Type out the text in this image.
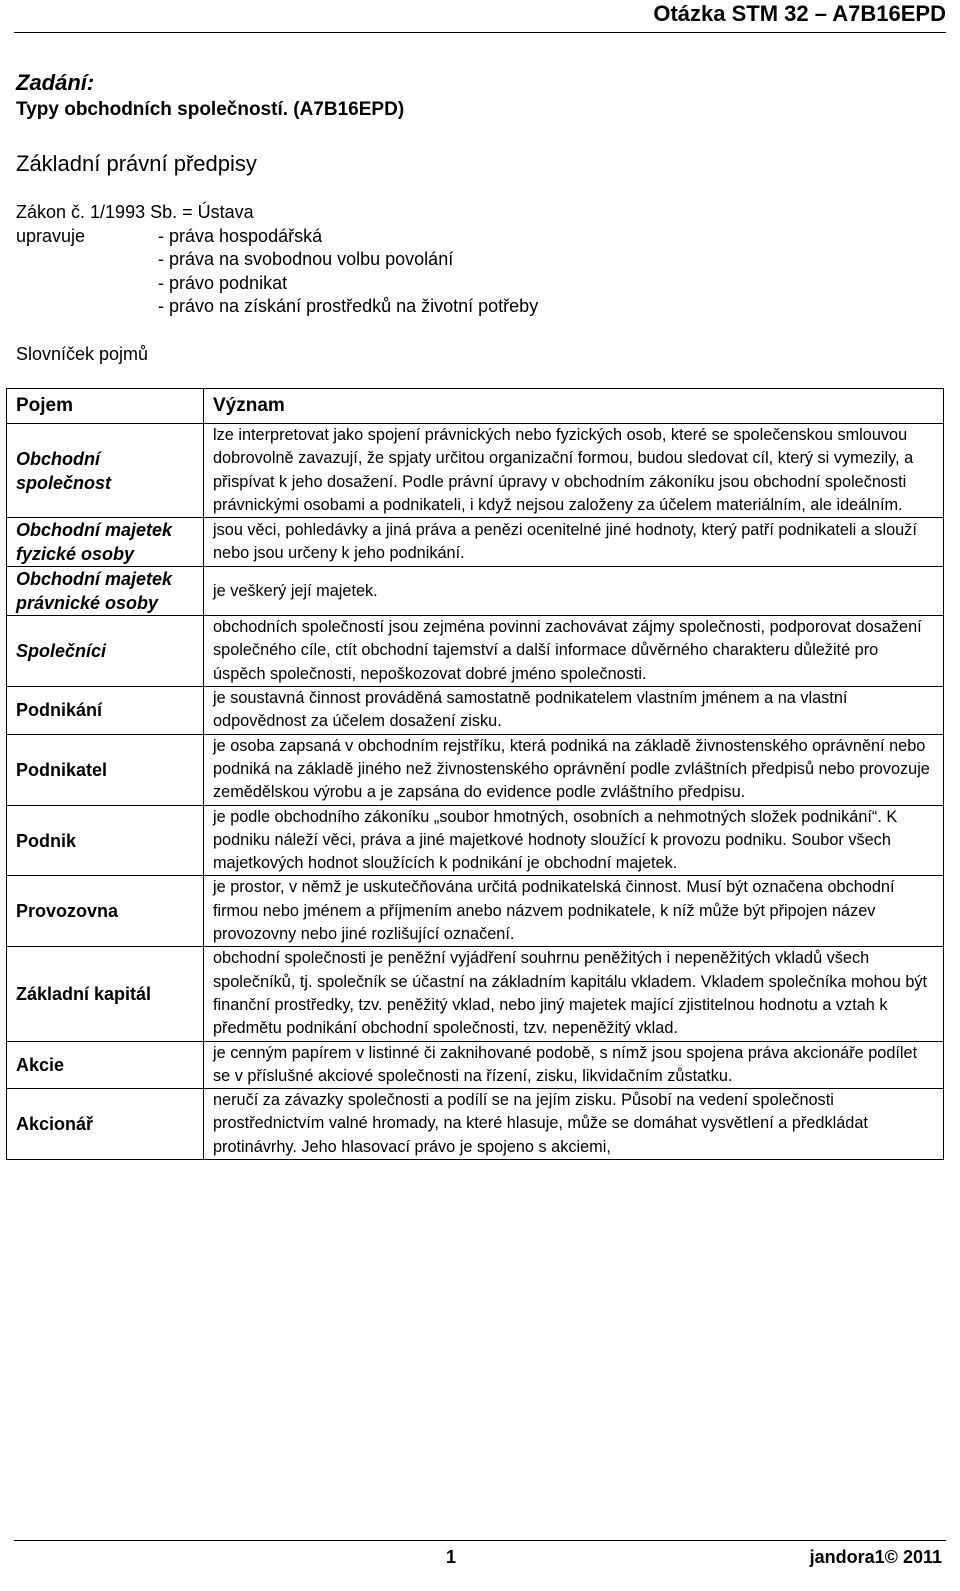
Otázka STM 32 – A7B16EPD
Zadání:
Typy obchodních společností. (A7B16EPD)
Základní právní předpisy
Zákon č. 1/1993 Sb. = Ústava
upravuje	- práva hospodářská
- práva na svobodnou volbu povolání
- právo podnikat
- právo na získání prostředků na životní potřeby
Slovníček pojmů
Pojem	Význam
Obchodní společnost	lze interpretovat jako spojení právnických nebo fyzických osob, které se společenskou smlouvou dobrovolně zavazují, že spjaty určitou organizační formou, budou sledovat cíl, který si vymezily, a přispívat k jeho dosažení. Podle právní úpravy v obchodním zákoníku jsou obchodní společnosti právnickými osobami a podnikateli, i když nejsou založeny za účelem materiálním, ale ideálním.
Obchodní majetek fyzické osoby	jsou věci, pohledávky a jiná práva a penězi ocenitelné jiné hodnoty, který patří podnikateli a slouží nebo jsou určeny k jeho podnikání.
Obchodní majetek právnické osoby	je veškerý její majetek.
Společníci	obchodních společností jsou zejména povinni zachovávat zájmy společnosti, podporovat dosažení společného cíle, ctít obchodní tajemství a další informace důvěrného charakteru důležité pro úspěch společnosti, nepoškozovat dobré jméno společnosti.
Podnikání	je soustavná činnost prováděná samostatně podnikatelem vlastním jménem a na vlastní odpovědnost za účelem dosažení zisku.
Podnikatel	je osoba zapsaná v obchodním rejstříku, která podniká na základě živnostenského oprávnění nebo podniká na základě jiného než živnostenského oprávnění podle zvláštních předpisů nebo provozuje zemědělskou výrobu a je zapsána do evidence podle zvláštního předpisu.
Podnik	je podle obchodního zákoníku „soubor hmotných, osobních a nehmotných složek podnikání“. K podniku náleží věci, práva a jiné majetkové hodnoty sloužící k provozu podniku. Soubor všech majetkových hodnot sloužících k podnikání je obchodní majetek.
Provozovna	je prostor, v němž je uskutečňována určitá podnikatelská činnost. Musí být označena obchodní firmou nebo jménem a příjmením anebo názvem podnikatele, k níž může být připojen název provozovny nebo jiné rozlišující označení.
Základní kapitál	obchodní společnosti je peněžní vyjádření souhrnu peněžitých i nepeněžitých vkladů všech společníků, tj. společník se účastní na základním kapitálu vkladem. Vkladem společníka mohou být finanční prostředky, tzv. peněžitý vklad, nebo jiný majetek mající zjistitelnou hodnotu a vztah k předmětu podnikání obchodní společnosti, tzv. nepeněžitý vklad.
Akcie	je cenným papírem v listinné či zaknihované podobě, s nímž jsou spojena práva akcionáře podílet se v příslušné akciové společnosti na řízení, zisku, likvidačním zůstatku.
Akcionář	neručí za závazky společnosti a podílí se na jejím zisku. Působí na vedení společnosti prostřednictvím valné hromady, na které hlasuje, může se domáhat vysvětlení a předkládat protinávrhy. Jeho hlasovací právo je spojeno s akciemi,
1	jandora1© 2011
